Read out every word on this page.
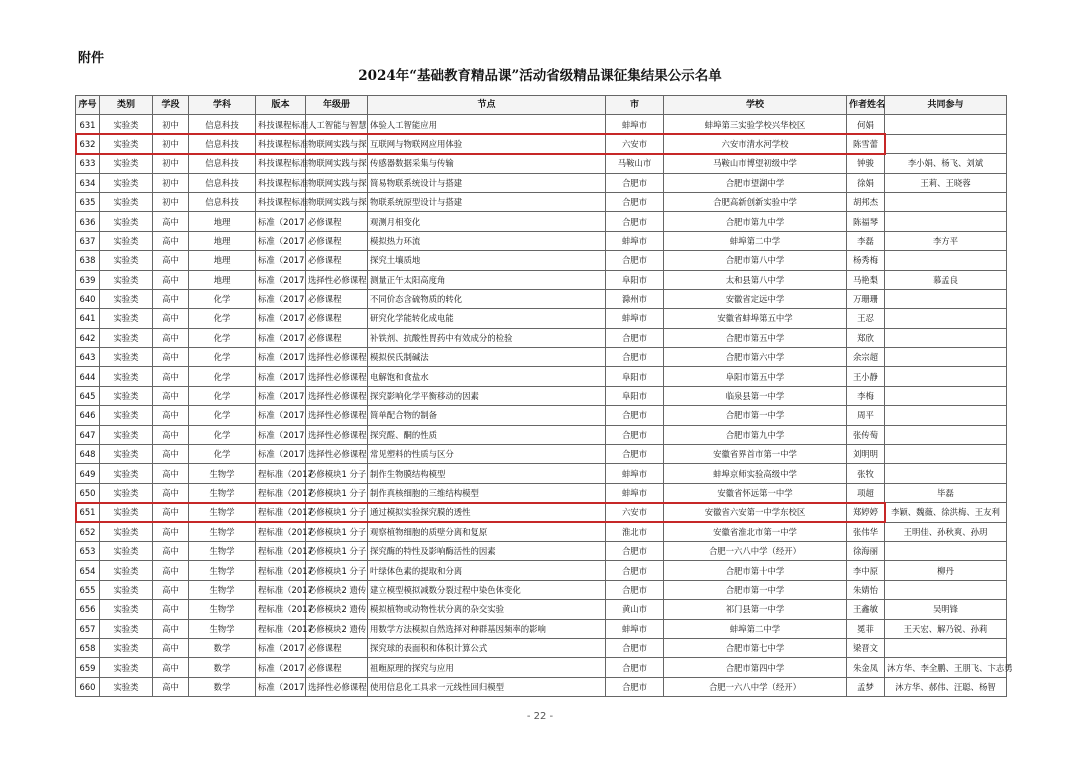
附件
2024年“基础教育精品课”活动省级精品课征集结果公示名单
序号	类别	学段	学科	版本	年级册	节点	市	学校	作者姓名	共同参与
631	实验类	初中	信息科技	科技课程标准	人工智能与智慧	体验人工智能应用	蚌埠市	蚌埠第三实验学校兴华校区	何娟	
632	实验类	初中	信息科技	科技课程标准	物联网实践与探	互联网与物联网应用体验	六安市	六安市清水河学校	陈雪蕾	
633	实验类	初中	信息科技	科技课程标准	物联网实践与探	传感器数据采集与传输	马鞍山市	马鞍山市博望初级中学	钟骏	李小娟、杨飞、刘斌
634	实验类	初中	信息科技	科技课程标准	物联网实践与探	简易物联系统设计与搭建	合肥市	合肥市望湖中学	徐娟	王莉、王晓蓉
635	实验类	初中	信息科技	科技课程标准	物联网实践与探	物联系统原型设计与搭建	合肥市	合肥高新创新实验中学	胡邦杰	
636	实验类	高中	地理	标准（2017	必修课程	观测月相变化	合肥市	合肥市第九中学	陈福琴	
637	实验类	高中	地理	标准（2017	必修课程	模拟热力环流	蚌埠市	蚌埠第二中学	李磊	李方平
638	实验类	高中	地理	标准（2017	必修课程	探究土壤质地	合肥市	合肥市第八中学	杨秀梅	
639	实验类	高中	地理	标准（2017	选择性必修课程	测量正午太阳高度角	阜阳市	太和县第八中学	马艳梨	慕孟良
640	实验类	高中	化学	标准（2017	必修课程	不同价态含硫物质的转化	滁州市	安徽省定远中学	万珊珊	
641	实验类	高中	化学	标准（2017	必修课程	研究化学能转化成电能	蚌埠市	安徽省蚌埠第五中学	王忍	
642	实验类	高中	化学	标准（2017	必修课程	补铁剂、抗酸性胃药中有效成分的检验	合肥市	合肥市第五中学	郑欣	
643	实验类	高中	化学	标准（2017	选择性必修课程	模拟侯氏制碱法	合肥市	合肥市第六中学	余宗超	
644	实验类	高中	化学	标准（2017	选择性必修课程	电解饱和食盐水	阜阳市	阜阳市第五中学	王小静	
645	实验类	高中	化学	标准（2017	选择性必修课程	探究影响化学平衡移动的因素	阜阳市	临泉县第一中学	李梅	
646	实验类	高中	化学	标准（2017	选择性必修课程	简单配合物的制备	合肥市	合肥市第一中学	周平	
647	实验类	高中	化学	标准（2017	选择性必修课程	探究醛、酮的性质	合肥市	合肥市第九中学	张传萄	
648	实验类	高中	化学	标准（2017	选择性必修课程	常见塑料的性质与区分	合肥市	安徽省界首市第一中学	刘明明	
649	实验类	高中	生物学	程标准（2017	必修模块1 分子	制作生物膜结构模型	蚌埠市	蚌埠京师实验高级中学	张牧	
650	实验类	高中	生物学	程标准（2017	必修模块1 分子	制作真核细胞的三维结构模型	蚌埠市	安徽省怀远第一中学	项超	毕磊
651	实验类	高中	生物学	程标准（2017	必修模块1 分子	通过模拟实验探究膜的透性	六安市	安徽省六安第一中学东校区	郑婷婷	李颖、魏薇、徐洪梅、王友利
652	实验类	高中	生物学	程标准（2017	必修模块1 分子	观察植物细胞的质壁分离和复原	淮北市	安徽省淮北市第一中学	张伟华	王明佳、孙秋爽、孙玥
653	实验类	高中	生物学	程标准（2017	必修模块1 分子	探究酶的特性及影响酶活性的因素	合肥市	合肥一六八中学（经开）	徐海丽	
654	实验类	高中	生物学	程标准（2017	必修模块1 分子	叶绿体色素的提取和分离	合肥市	合肥市第十中学	李中原	柳丹
655	实验类	高中	生物学	程标准（2017	必修模块2 遗传	建立模型模拟减数分裂过程中染色体变化	合肥市	合肥市第一中学	朱婧怡	
656	实验类	高中	生物学	程标准（2017	必修模块2 遗传	模拟植物或动物性状分离的杂交实验	黄山市	祁门县第一中学	王鑫敏	吴明锋
657	实验类	高中	生物学	程标准（2017	必修模块2 遗传	用数学方法模拟自然选择对种群基因频率的影响	蚌埠市	蚌埠第二中学	冕菲	王天宏、解乃锐、孙莉
658	实验类	高中	数学	标准（2017	必修课程	探究球的表面积和体积计算公式	合肥市	合肥市第七中学	梁晋文	
659	实验类	高中	数学	标准（2017	必修课程	祖暅原理的探究与应用	合肥市	合肥市第四中学	朱金凤	沐方华、李全鹏、王朋飞、卞志勇
660	实验类	高中	数学	标准（2017	选择性必修课程	使用信息化工具求一元线性回归模型	合肥市	合肥一六八中学（经开）	孟梦	沐方华、郝伟、汪聪、杨智
- 22 -
